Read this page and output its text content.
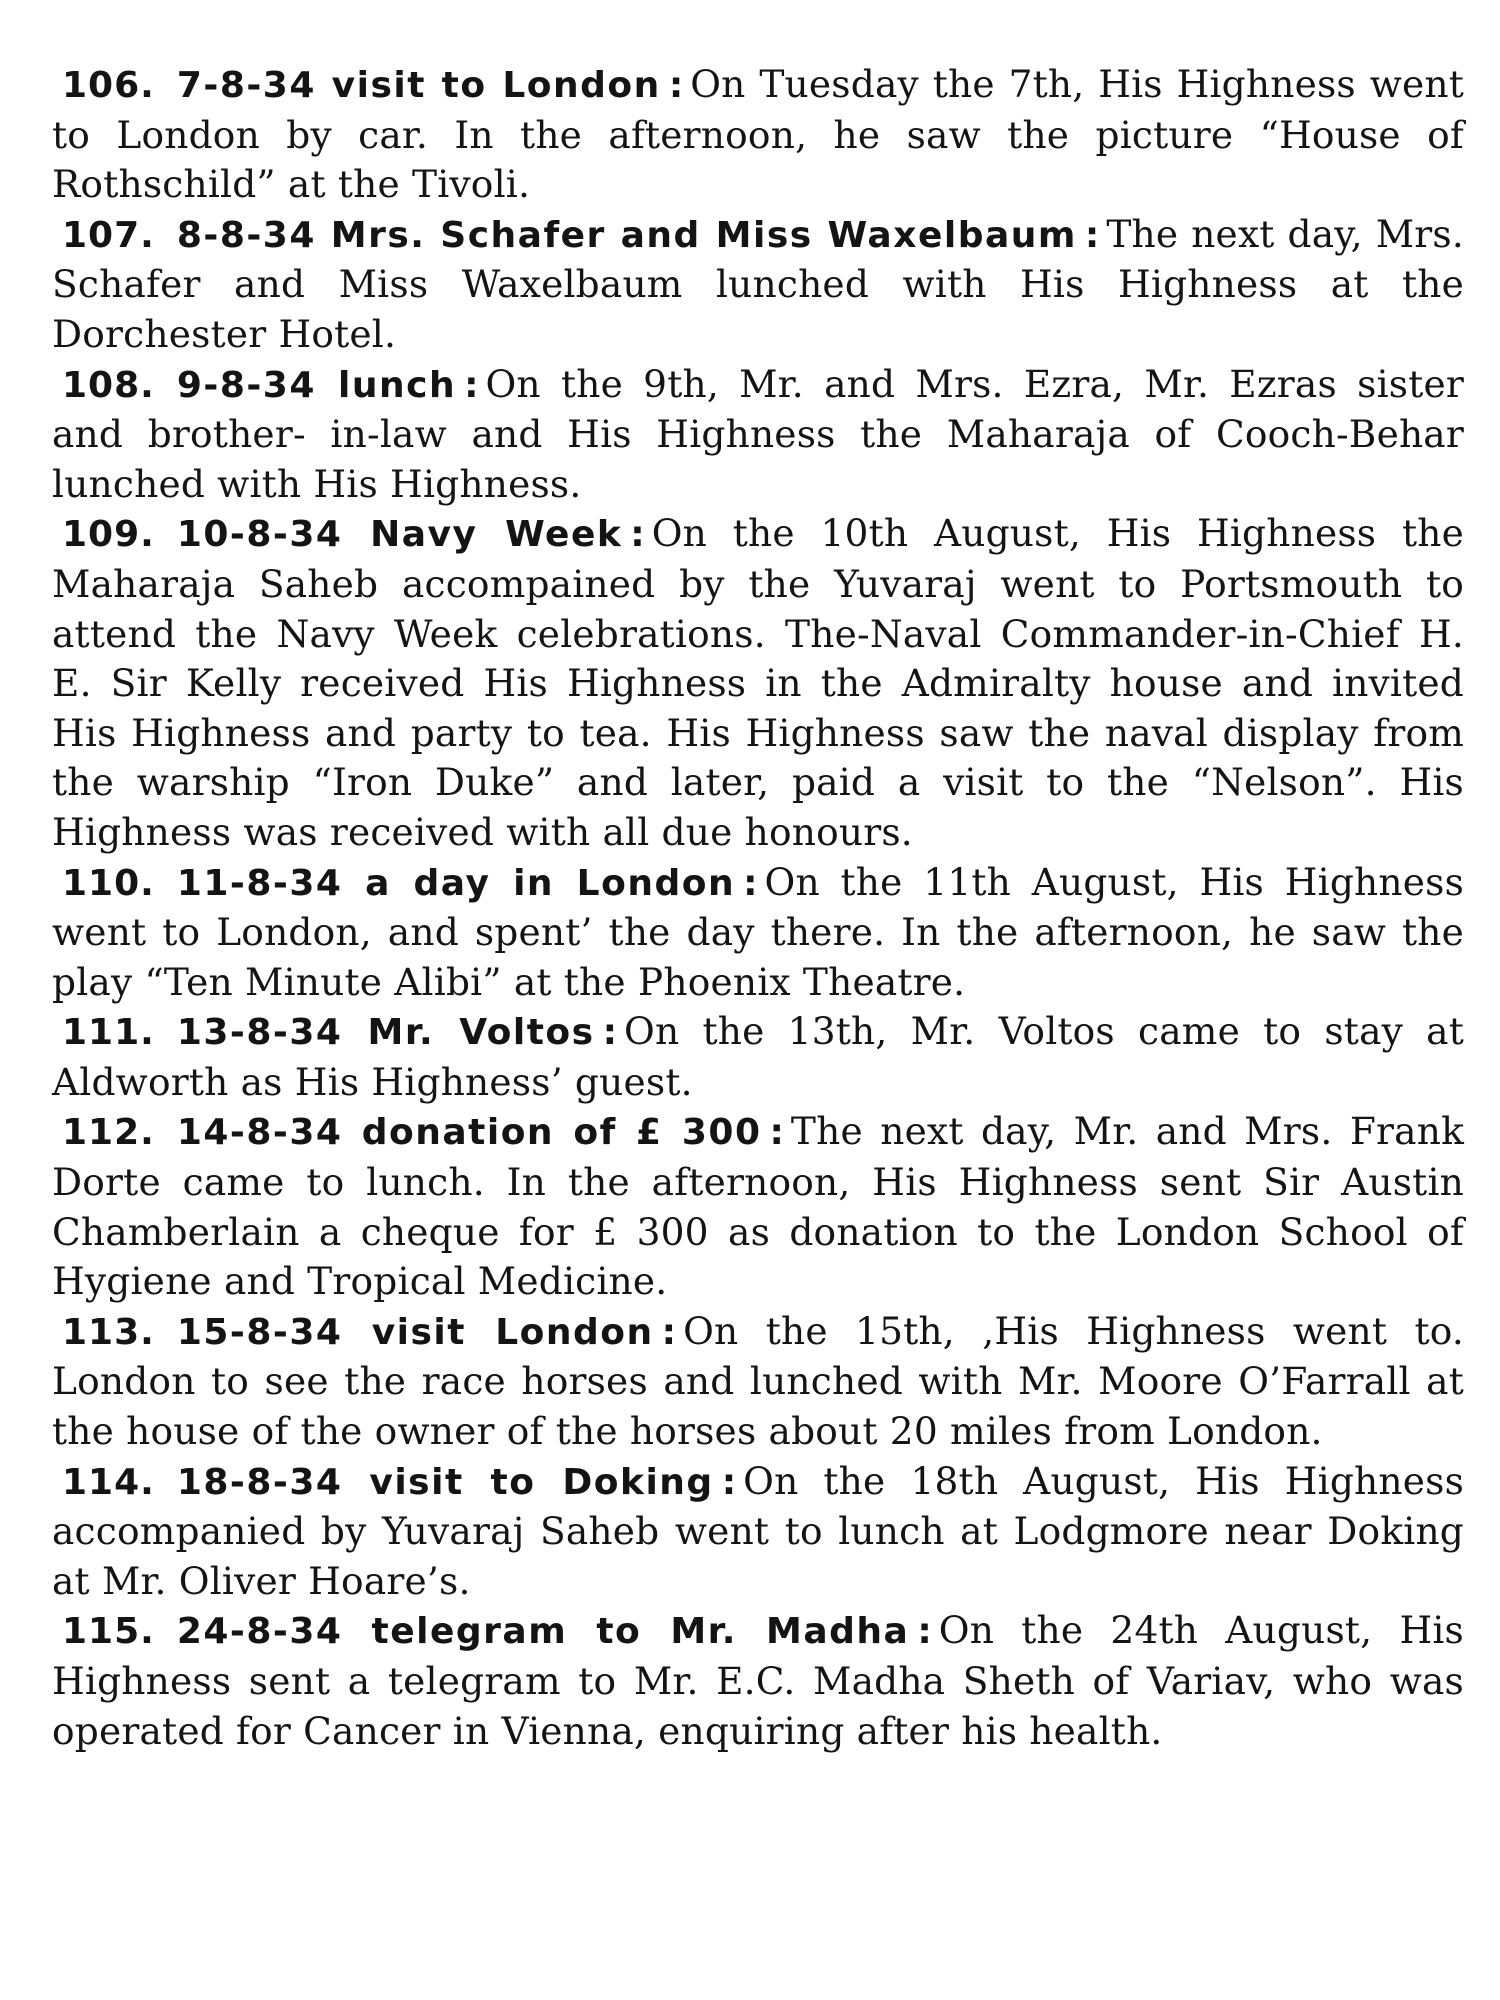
106. 7-8-34 visit to London : On Tuesday the 7th, His Highness went to London by car. In the afternoon, he saw the picture “House of Rothschild” at the Tivoli.

107. 8-8-34 Mrs. Schafer and Miss Waxelbaum : The next day, Mrs. Schafer and Miss Waxelbaum lunched with His Highness at the Dorchester Hotel.

108. 9-8-34 lunch : On the 9th, Mr. and Mrs. Ezra, Mr. Ezras sister and brother- in-law and His Highness the Maharaja of Cooch-Behar lunched with His Highness.

109. 10-8-34 Navy Week : On the 10th August, His Highness the Maharaja Saheb accompained by the Yuvaraj went to Portsmouth to attend the Navy Week celebrations. The-Naval Commander-in-Chief H. E. Sir Kelly received His Highness in the Admiralty house and invited His Highness and party to tea. His Highness saw the naval display from the warship “Iron Duke” and later, paid a visit to the “Nelson”. His Highness was received with all due honours.

110. 11-8-34 a day in London : On the 11th August, His Highness went to London, and spent’ the day there. In the afternoon, he saw the play “Ten Minute Alibi” at the Phoenix Theatre.

111. 13-8-34 Mr. Voltos : On the 13th, Mr. Voltos came to stay at Aldworth as His Highness’ guest.

112. 14-8-34 donation of £ 300 : The next day, Mr. and Mrs. Frank Dorte came to lunch. In the afternoon, His Highness sent Sir Austin Chamberlain a cheque for £ 300 as donation to the London School of Hygiene and Tropical Medicine.

113. 15-8-34 visit London : On the 15th, ,His Highness went to. London to see the race horses and lunched with Mr. Moore O’Farrall at the house of the owner of the horses about 20 miles from London.

114. 18-8-34 visit to Doking : On the 18th August, His Highness accompanied by Yuvaraj Saheb went to lunch at Lodgmore near Doking at Mr. Oliver Hoare’s.

115. 24-8-34 telegram to Mr. Madha : On the 24th August, His Highness sent a telegram to Mr. E.C. Madha Sheth of Variav, who was operated for Cancer in Vienna, enquiring after his health.
